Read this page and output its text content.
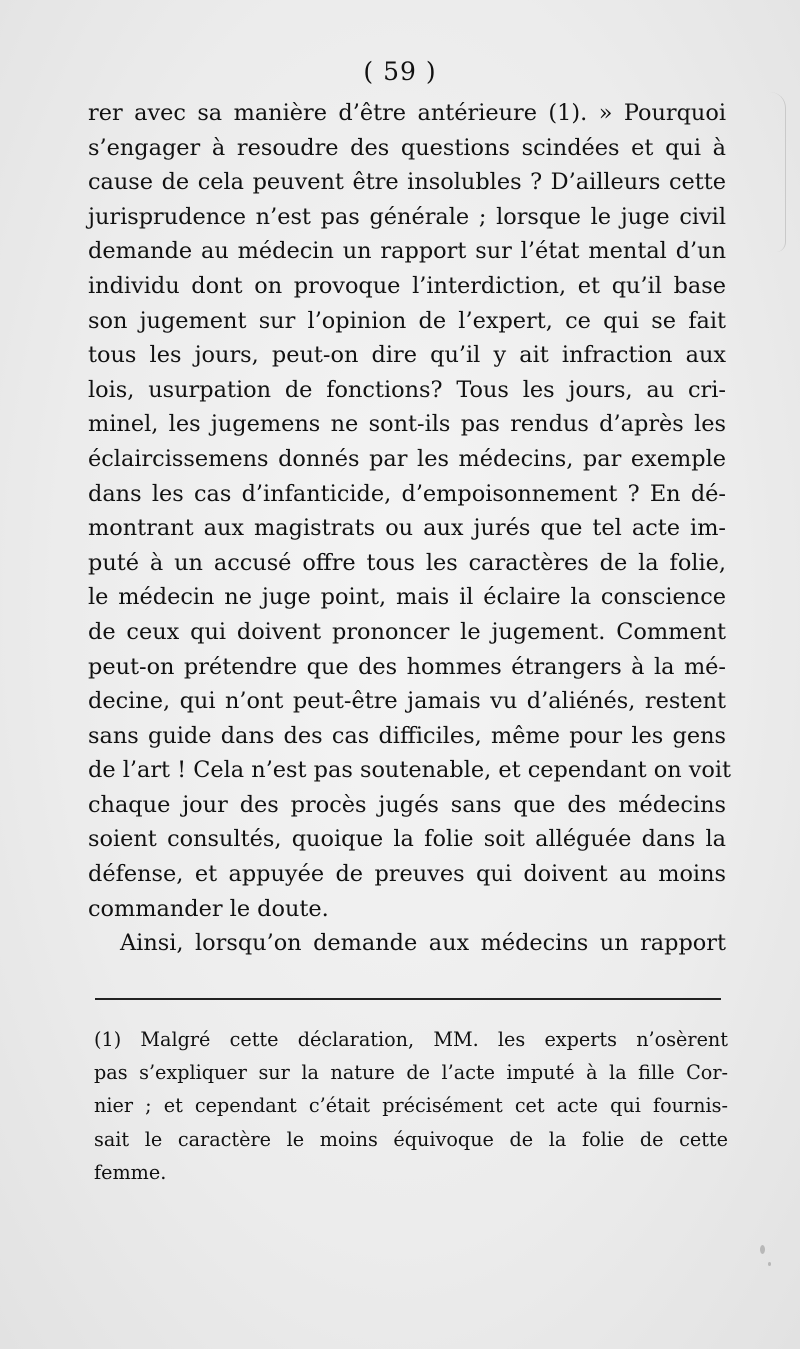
( 59 )
rer avec sa manière d’être antérieure (1). » Pourquoi
s’engager à resoudre des questions scindées et qui à
cause de cela peuvent être insolubles ? D’ailleurs cette
jurisprudence n’est pas générale ; lorsque le juge civil
demande au médecin un rapport sur l’état mental d’un
individu dont on provoque l’interdiction, et qu’il base
son jugement sur l’opinion de l’expert, ce qui se fait
tous les jours, peut-on dire qu’il y ait infraction aux
lois, usurpation de fonctions? Tous les jours, au cri-
minel, les jugemens ne sont-ils pas rendus d’après les
éclaircissemens donnés par les médecins, par exemple
dans les cas d’infanticide, d’empoisonnement ? En dé-
montrant aux magistrats ou aux jurés que tel acte im-
puté à un accusé offre tous les caractères de la folie,
le médecin ne juge point, mais il éclaire la conscience
de ceux qui doivent prononcer le jugement. Comment
peut-on prétendre que des hommes étrangers à la mé-
decine, qui n’ont peut-être jamais vu d’aliénés, restent
sans guide dans des cas difficiles, même pour les gens
de l’art ! Cela n’est pas soutenable, et cependant on voit
chaque jour des procès jugés sans que des médecins
soient consultés, quoique la folie soit alléguée dans la
défense, et appuyée de preuves qui doivent au moins
commander le doute.
Ainsi, lorsqu’on demande aux médecins un rapport
(1) Malgré cette déclaration, MM. les experts n’osèrent
pas s’expliquer sur la nature de l’acte imputé à la fille Cor-
nier ; et cependant c’était précisément cet acte qui fournis-
sait le caractère le moins équivoque de la folie de cette
femme.
